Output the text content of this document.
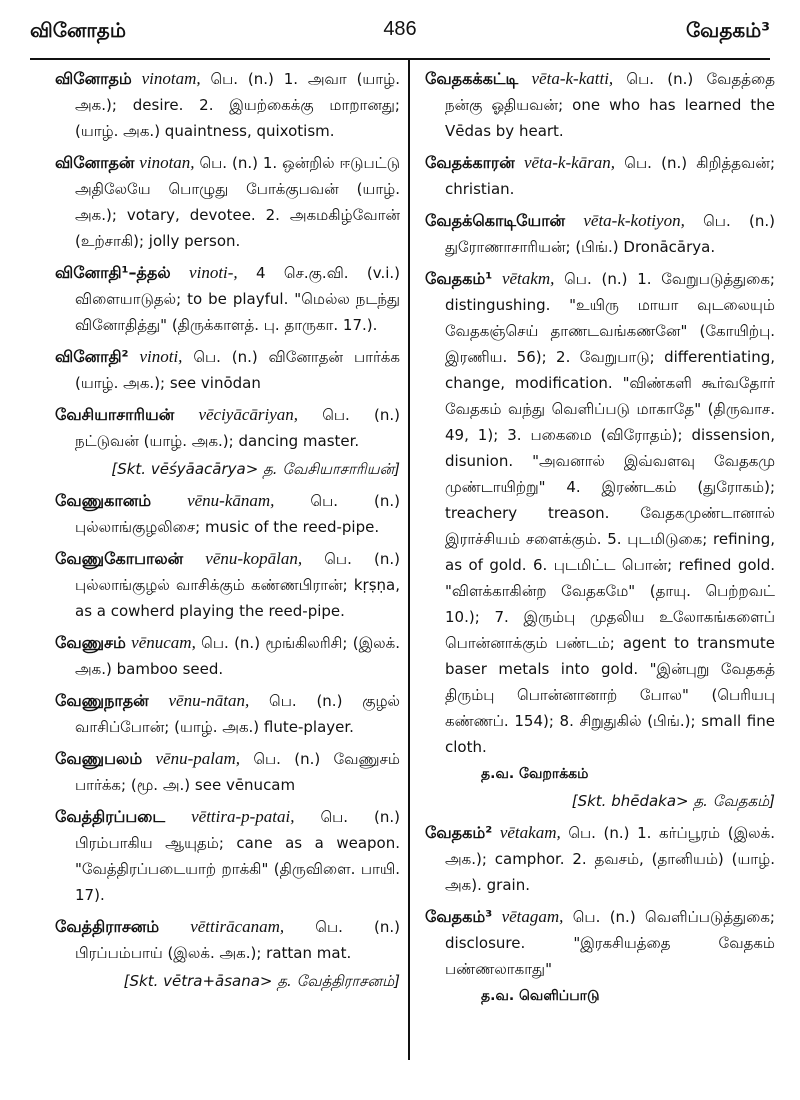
வினோதம்	486	வேதகம்³
வினோதம் vinotam, பெ. (n.) 1. அவா (யாழ். அக.); desire. 2. இயற்கைக்கு மாறானது; (யாழ். அக.) quaintness, quixotism.
வினோதன் vinotan, பெ. (n.) 1. ஒன்றில் ஈடுபட்டு அதிலேயே பொழுது போக்குபவன் (யாழ். அக.); votary, devotee. 2. அகமகிழ்வோன் (உற்சாகி); jolly person.
வினோதி¹–த்தல் vinoti-, 4 செ.கு.வி. (v.i.) விளையாடுதல்; to be playful. "மெல்ல நடந்து வினோதித்து" (திருக்காளத். பு. தாருகா. 17.).
வினோதி² vinoti, பெ. (n.) வினோதன் பார்க்க (யாழ். அக.); see vinōdan
வேசியாசாரியன் vēciyācāriyan, பெ. (n.) நட்டுவன் (யாழ். அக.); dancing master.
[Skt. vēśyāacārya> த. வேசியாசாரியன்]
வேணுகானம் vēnu-kānam, பெ. (n.) புல்லாங்குழலிசை; music of the reed-pipe.
வேணுகோபாலன் vēnu-kopālan, பெ. (n.) புல்லாங்குழல் வாசிக்கும் கண்ணபிரான்; kṛṣṇa, as a cowherd playing the reed-pipe.
வேணுசம் vēnucam, பெ. (n.) மூங்கிலரிசி; (இலக். அக.) bamboo seed.
வேணுநாதன் vēnu-nātan, பெ. (n.) குழல் வாசிப்போன்; (யாழ். அக.) flute-player.
வேணுபலம் vēnu-palam, பெ. (n.) வேணுசம் பார்க்க; (மூ. அ.) see vēnucam
வேத்திரப்படை vēttira-p-patai, பெ. (n.) பிரம்பாகிய ஆயுதம்; cane as a weapon. "வேத்திரப்படையாற் றாக்கி" (திருவிளை. பாயி. 17).
வேத்திராசனம் vēttirācanam, பெ. (n.) பிரப்பம்பாய் (இலக். அக.); rattan mat.
[Skt. vētra+āsana> த. வேத்திராசனம்]
வேதகக்கட்டி vēta-k-katti, பெ. (n.) வேதத்தை நன்கு ஓதியவன்; one who has learned the Vēdas by heart.
வேதக்காரன் vēta-k-kāran, பெ. (n.) கிறித்தவன்; christian.
வேதக்கொடியோன் vēta-k-kotiyon, பெ. (n.) துரோணாசாரியன்; (பிங்.) Dronācārya.
வேதகம்¹ vētakm, பெ. (n.) 1. வேறுபடுத்துகை; distingushing. "உயிரு மாயா வுடலையும் வேதகஞ்செய் தாணடவங்கணனே" (கோயிற்பு. இரணிய. 56); 2. வேறுபாடு; differentiating, change, modification. "விண்களி கூர்வதோர் வேதகம் வந்து வெளிப்படு மாகாதே" (திருவாச. 49, 1); 3. பகைமை (விரோதம்); dissension, disunion. "அவனால் இவ்வளவு வேதகமு முண்டாயிற்று" 4. இரண்டகம் (துரோகம்); treachery treason. வேதகமுண்டானால் இராச்சியம் சளைக்கும். 5. புடமிடுகை; refining, as of gold. 6. புடமிட்ட பொன்; refined gold. "விளக்காகின்ற வேதகமே" (தாயு. பெற்றவட் 10.); 7. இரும்பு முதலிய உலோகங்களைப் பொன்னாக்கும் பண்டம்; agent to transmute baser metals into gold. "இன்புறு வேதகத் திரும்பு பொன்னானாற் போல" (பெரியபு கண்ணப். 154); 8. சிறுதுகில் (பிங்.); small fine cloth.
த.வ. வேறாக்கம்
[Skt. bhēdaka> த. வேதகம்]
வேதகம்² vētakam, பெ. (n.) 1. கர்ப்பூரம் (இலக். அக.); camphor. 2. தவசம், (தானியம்) (யாழ். அக). grain.
வேதகம்³ vētagam, பெ. (n.) வெளிப்படுத்துகை; disclosure. "இரகசியத்தை வேதகம் பண்ணலாகாது"
த.வ. வெளிப்பாடு
